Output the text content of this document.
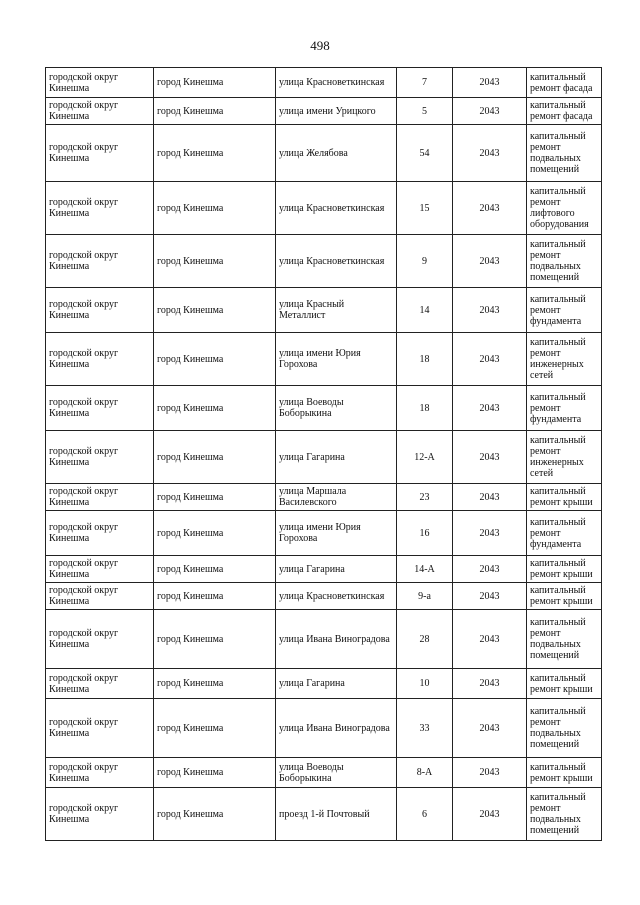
498
городской округ Кинешма	город Кинешма	улица Красноветкинская	7	2043	капитальный ремонт фасада
городской округ Кинешма	город Кинешма	улица имени Урицкого	5	2043	капитальный ремонт фасада
городской округ Кинешма	город Кинешма	улица Желябова	54	2043	капитальный ремонт подвальных помещений
городской округ Кинешма	город Кинешма	улица Красноветкинская	15	2043	капитальный ремонт лифтового оборудования
городской округ Кинешма	город Кинешма	улица Красноветкинская	9	2043	капитальный ремонт подвальных помещений
городской округ Кинешма	город Кинешма	улица Красный Металлист	14	2043	капитальный ремонт фундамента
городской округ Кинешма	город Кинешма	улица имени Юрия Горохова	18	2043	капитальный ремонт инженерных сетей
городской округ Кинешма	город Кинешма	улица Воеводы Боборыкина	18	2043	капитальный ремонт фундамента
городской округ Кинешма	город Кинешма	улица Гагарина	12-А	2043	капитальный ремонт инженерных сетей
городской округ Кинешма	город Кинешма	улица Маршала Василевского	23	2043	капитальный ремонт крыши
городской округ Кинешма	город Кинешма	улица имени Юрия Горохова	16	2043	капитальный ремонт фундамента
городской округ Кинешма	город Кинешма	улица Гагарина	14-А	2043	капитальный ремонт крыши
городской округ Кинешма	город Кинешма	улица Красноветкинская	9-а	2043	капитальный ремонт крыши
городской округ Кинешма	город Кинешма	улица Ивана Виноградова	28	2043	капитальный ремонт подвальных помещений
городской округ Кинешма	город Кинешма	улица Гагарина	10	2043	капитальный ремонт крыши
городской округ Кинешма	город Кинешма	улица Ивана Виноградова	33	2043	капитальный ремонт подвальных помещений
городской округ Кинешма	город Кинешма	улица Воеводы Боборыкина	8-А	2043	капитальный ремонт крыши
городской округ Кинешма	город Кинешма	проезд 1-й Почтовый	6	2043	капитальный ремонт подвальных помещений
